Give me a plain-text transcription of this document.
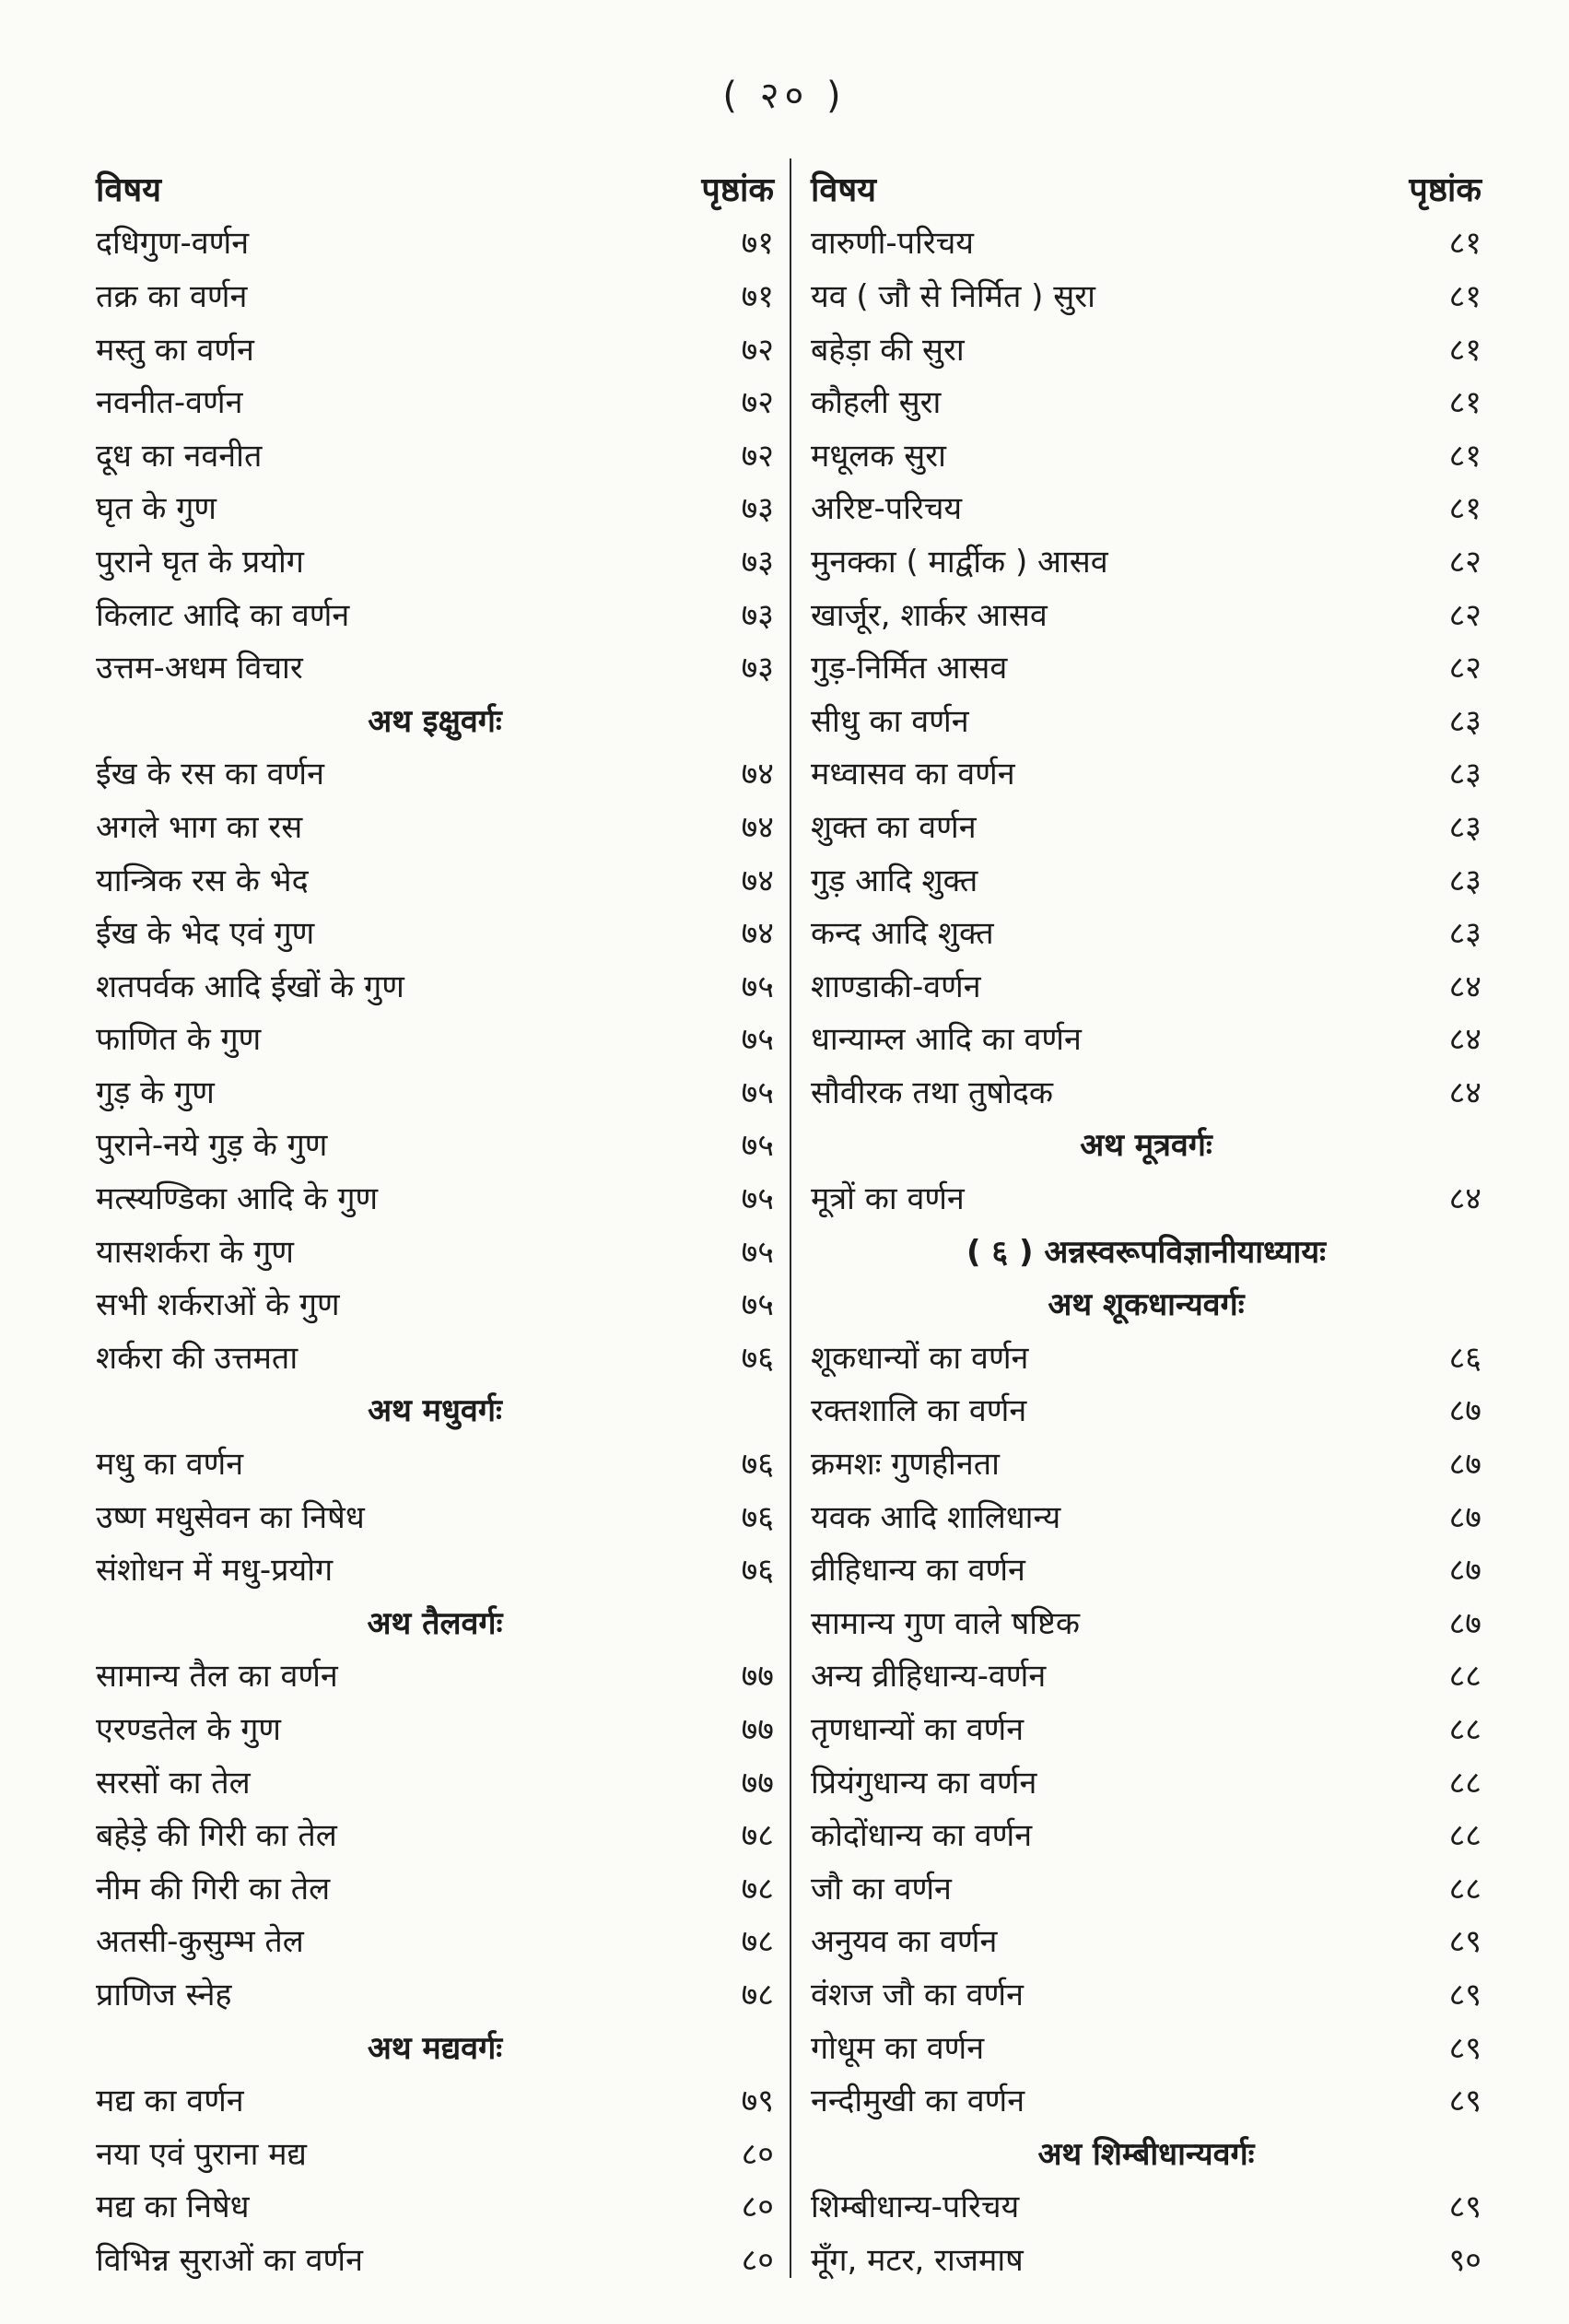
( २० )
विषय	पृष्ठांक
दधिगुण-वर्णन	७१
तक्र का वर्णन	७१
मस्तु का वर्णन	७२
नवनीत-वर्णन	७२
दूध का नवनीत	७२
घृत के गुण	७३
पुराने घृत के प्रयोग	७३
किलाट आदि का वर्णन	७३
उत्तम-अधम विचार	७३
अथ इक्षुवर्गः
ईख के रस का वर्णन	७४
अगले भाग का रस	७४
यान्त्रिक रस के भेद	७४
ईख के भेद एवं गुण	७४
शतपर्वक आदि ईखों के गुण	७५
फाणित के गुण	७५
गुड़ के गुण	७५
पुराने-नये गुड़ के गुण	७५
मत्स्यण्डिका आदि के गुण	७५
यासशर्करा के गुण	७५
सभी शर्कराओं के गुण	७५
शर्करा की उत्तमता	७६
अथ मधुवर्गः
मधु का वर्णन	७६
उष्ण मधुसेवन का निषेध	७६
संशोधन में मधु-प्रयोग	७६
अथ तैलवर्गः
सामान्य तैल का वर्णन	७७
एरण्डतेल के गुण	७७
सरसों का तेल	७७
बहेड़े की गिरी का तेल	७८
नीम की गिरी का तेल	७८
अतसी-कुसुम्भ तेल	७८
प्राणिज स्नेह	७८
अथ मद्यवर्गः
मद्य का वर्णन	७९
नया एवं पुराना मद्य	८०
मद्य का निषेध	८०
विभिन्न सुराओं का वर्णन	८०
विषय	पृष्ठांक
वारुणी-परिचय	८१
यव ( जौ से निर्मित ) सुरा	८१
बहेड़ा की सुरा	८१
कौहली सुरा	८१
मधूलक सुरा	८१
अरिष्ट-परिचय	८१
मुनक्का ( मार्द्वीक ) आसव	८२
खार्जूर, शार्कर आसव	८२
गुड़-निर्मित आसव	८२
सीधु का वर्णन	८३
मध्वासव का वर्णन	८३
शुक्त का वर्णन	८३
गुड़ आदि शुक्त	८३
कन्द आदि शुक्त	८३
शाण्डाकी-वर्णन	८४
धान्याम्ल आदि का वर्णन	८४
सौवीरक तथा तुषोदक	८४
अथ मूत्रवर्गः
मूत्रों का वर्णन	८४
( ६ ) अन्नस्वरूपविज्ञानीयाध्यायः
अथ शूकधान्यवर्गः
शूकधान्यों का वर्णन	८६
रक्तशालि का वर्णन	८७
क्रमशः गुणहीनता	८७
यवक आदि शालिधान्य	८७
व्रीहिधान्य का वर्णन	८७
सामान्य गुण वाले षष्टिक	८७
अन्य व्रीहिधान्य-वर्णन	८८
तृणधान्यों का वर्णन	८८
प्रियंगुधान्य का वर्णन	८८
कोदोंधान्य का वर्णन	८८
जौ का वर्णन	८८
अनुयव का वर्णन	८९
वंशज जौ का वर्णन	८९
गोधूम का वर्णन	८९
नन्दीमुखी का वर्णन	८९
अथ शिम्बीधान्यवर्गः
शिम्बीधान्य-परिचय	८९
मूँग, मटर, राजमाष	९०
